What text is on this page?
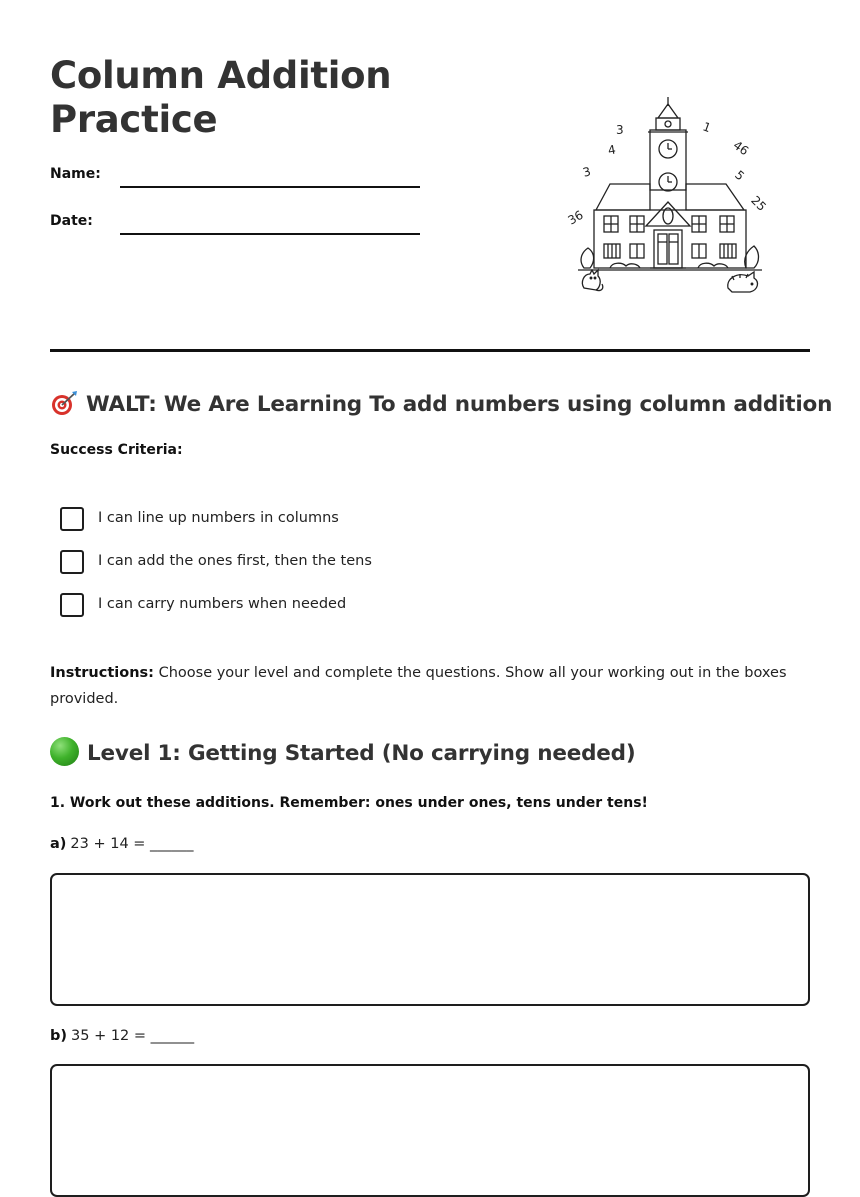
Column Addition Practice
Name:
Date:
3
4
3
36
1
46
5
25
WALT: We Are Learning To add numbers using column addition
Success Criteria:
I can line up numbers in columns
I can add the ones first, then the tens
I can carry numbers when needed

Instructions: Choose your level and complete the questions. Show all your working out in the boxes provided.

Level 1: Getting Started (No carrying needed)
1. Work out these additions. Remember: ones under ones, tens under tens!
a) 23 + 14 = ______
b) 35 + 12 = ______
